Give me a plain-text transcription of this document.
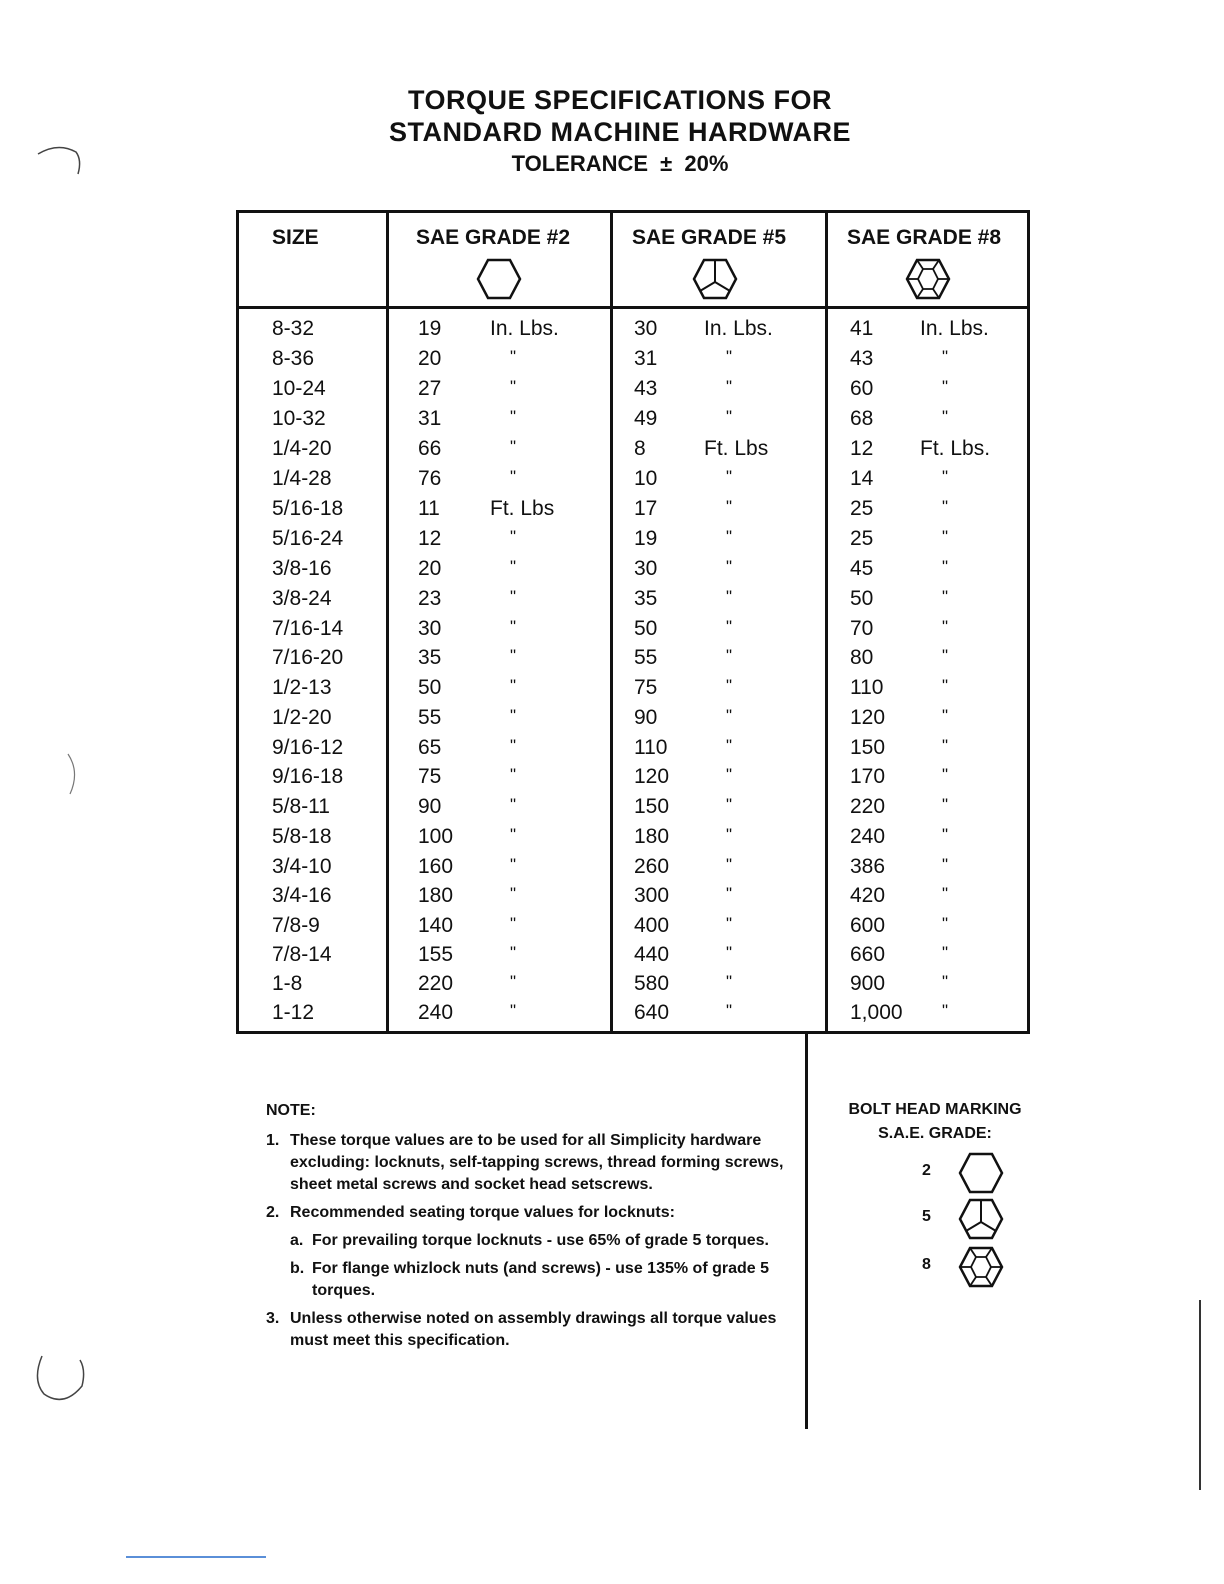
TORQUE SPECIFICATIONS FOR
STANDARD MACHINE HARDWARE
TOLERANCE ± 20%
SIZE	SAE GRADE #2	SAE GRADE #5	SAE GRADE #8
8-32	19 In. Lbs.	30 In. Lbs.	41 In. Lbs.
8-36	20	"	31	"	43	"
10-24	27	"	43	"	60	"
10-32	31	"	49	"	68	"
1/4-20	66	"	8	Ft. Lbs	12 Ft. Lbs.
1/4-28	76	"	10	"	14	"
5/16-18	11 Ft. Lbs	17	"	25	"
5/16-24	12	"	19	"	25	"
3/8-16	20	"	30	"	45	"
3/8-24	23	"	35	"	50	"
7/16-14	30	"	50	"	70	"
7/16-20	35	"	55	"	80	"
1/2-13	50	"	75	"	110	"
1/2-20	55	"	90	"	120	"
9/16-12	65	"	110	"	150	"
9/16-18	75	"	120	"	170	"
5/8-11	90	"	150	"	220	"
5/8-18	100	"	180	"	240	"
3/4-10	160	"	260	"	386	"
3/4-16	180	"	300	"	420	"
7/8-9	140	"	400	"	600	"
7/8-14	155	"	440	"	660	"
1-8	220	"	580	"	900	"
1-12	240	"	640	"	1,000 "
NOTE:
1. These torque values are to be used for all Simplicity hardware excluding: locknuts, self-tapping screws, thread forming screws, sheet metal screws and socket head setscrews.
2. Recommended seating torque values for locknuts:
a. For prevailing torque locknuts - use 65% of grade 5 torques.
b. For flange whizlock nuts (and screws) - use 135% of grade 5 torques.
3. Unless otherwise noted on assembly drawings all torque values must meet this specification.
BOLT HEAD MARKING
S.A.E. GRADE:
2
5
8
